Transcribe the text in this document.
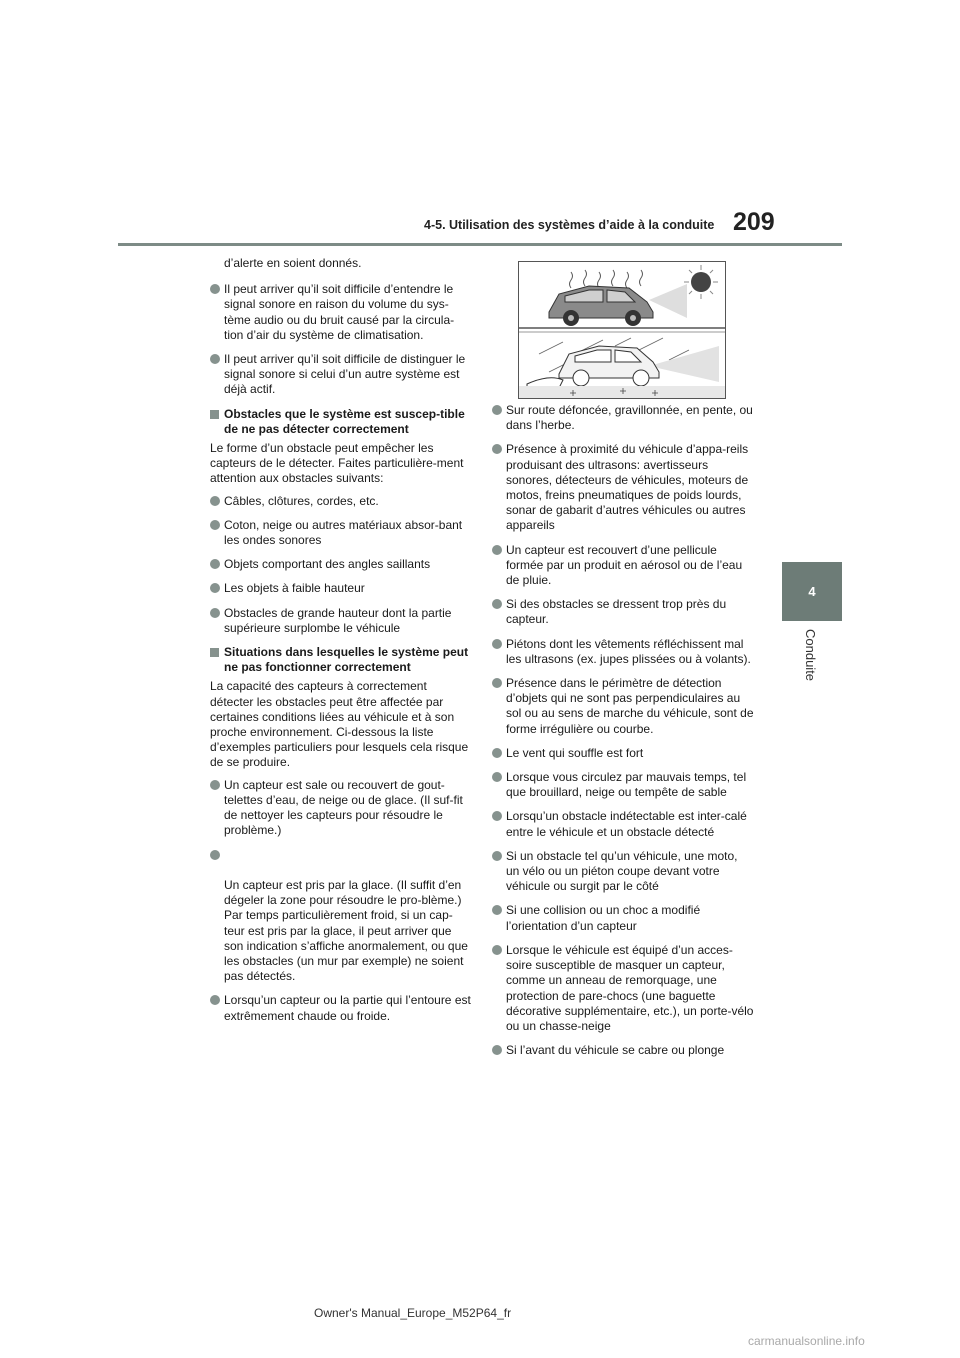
4-5. Utilisation des systèmes d’aide à la conduite 209
4
Conduite

d’alerte en soient donnés.

Il peut arriver qu’il soit difficile d’entendre le signal sonore en raison du volume du sys-tème audio ou du bruit causé par la circula-tion d’air du système de climatisation.
Il peut arriver qu’il soit difficile de distinguer le signal sonore si celui d’un autre système est déjà actif.
Obstacles que le système est suscep-tible de ne pas détecter correctement

Le forme d’un obstacle peut empêcher les capteurs de le détecter. Faites particulière-ment attention aux obstacles suivants:

Câbles, clôtures, cordes, etc.
Coton, neige ou autres matériaux absor-bant les ondes sonores
Objets comportant des angles saillants
Les objets à faible hauteur
Obstacles de grande hauteur dont la partie supérieure surplombe le véhicule
Situations dans lesquelles le système peut ne pas fonctionner correctement

La capacité des capteurs à correctement détecter les obstacles peut être affectée par certaines conditions liées au véhicule et à son proche environnement. Ci-dessous la liste d’exemples particuliers pour lesquels cela risque de se produire.

Un capteur est sale ou recouvert de gout-telettes d’eau, de neige ou de glace. (Il suf-fit de nettoyer les capteurs pour résoudre le problème.)

Un capteur est pris par la glace. (Il suffit d’en dégeler la zone pour résoudre le pro-blème.)
Par temps particulièrement froid, si un cap-teur est pris par la glace, il peut arriver que son indication s’affiche anormalement, ou que les obstacles (un mur par exemple) ne soient pas détectés.

Lorsqu’un capteur ou la partie qui l’entoure est extrêmement chaude ou froide.
Sur route défoncée, gravillonnée, en pente, ou dans l’herbe.
Présence à proximité du véhicule d’appa-reils produisant des ultrasons: avertisseurs sonores, détecteurs de véhicules, moteurs de motos, freins pneumatiques de poids lourds, sonar de gabarit d’autres véhicules ou autres appareils
Un capteur est recouvert d’une pellicule formée par un produit en aérosol ou de l’eau de pluie.
Si des obstacles se dressent trop près du capteur.
Piétons dont les vêtements réfléchissent mal les ultrasons (ex. jupes plissées ou à volants).
Présence dans le périmètre de détection d’objets qui ne sont pas perpendiculaires au sol ou au sens de marche du véhicule, sont de forme irrégulière ou courbe.
Le vent qui souffle est fort
Lorsque vous circulez par mauvais temps, tel que brouillard, neige ou tempête de sable
Lorsqu’un obstacle indétectable est inter-calé entre le véhicule et un obstacle détecté
Si un obstacle tel qu’un véhicule, une moto, un vélo ou un piéton coupe devant votre véhicule ou surgit par le côté
Si une collision ou un choc a modifié l’orientation d’un capteur
Lorsque le véhicule est équipé d’un acces-soire susceptible de masquer un capteur, comme un anneau de remorquage, une protection de pare-chocs (une baguette décorative supplémentaire, etc.), un porte-vélo ou un chasse-neige
Si l’avant du véhicule se cabre ou plonge
Owner's Manual_Europe_M52P64_fr
carmanualsonline.info
